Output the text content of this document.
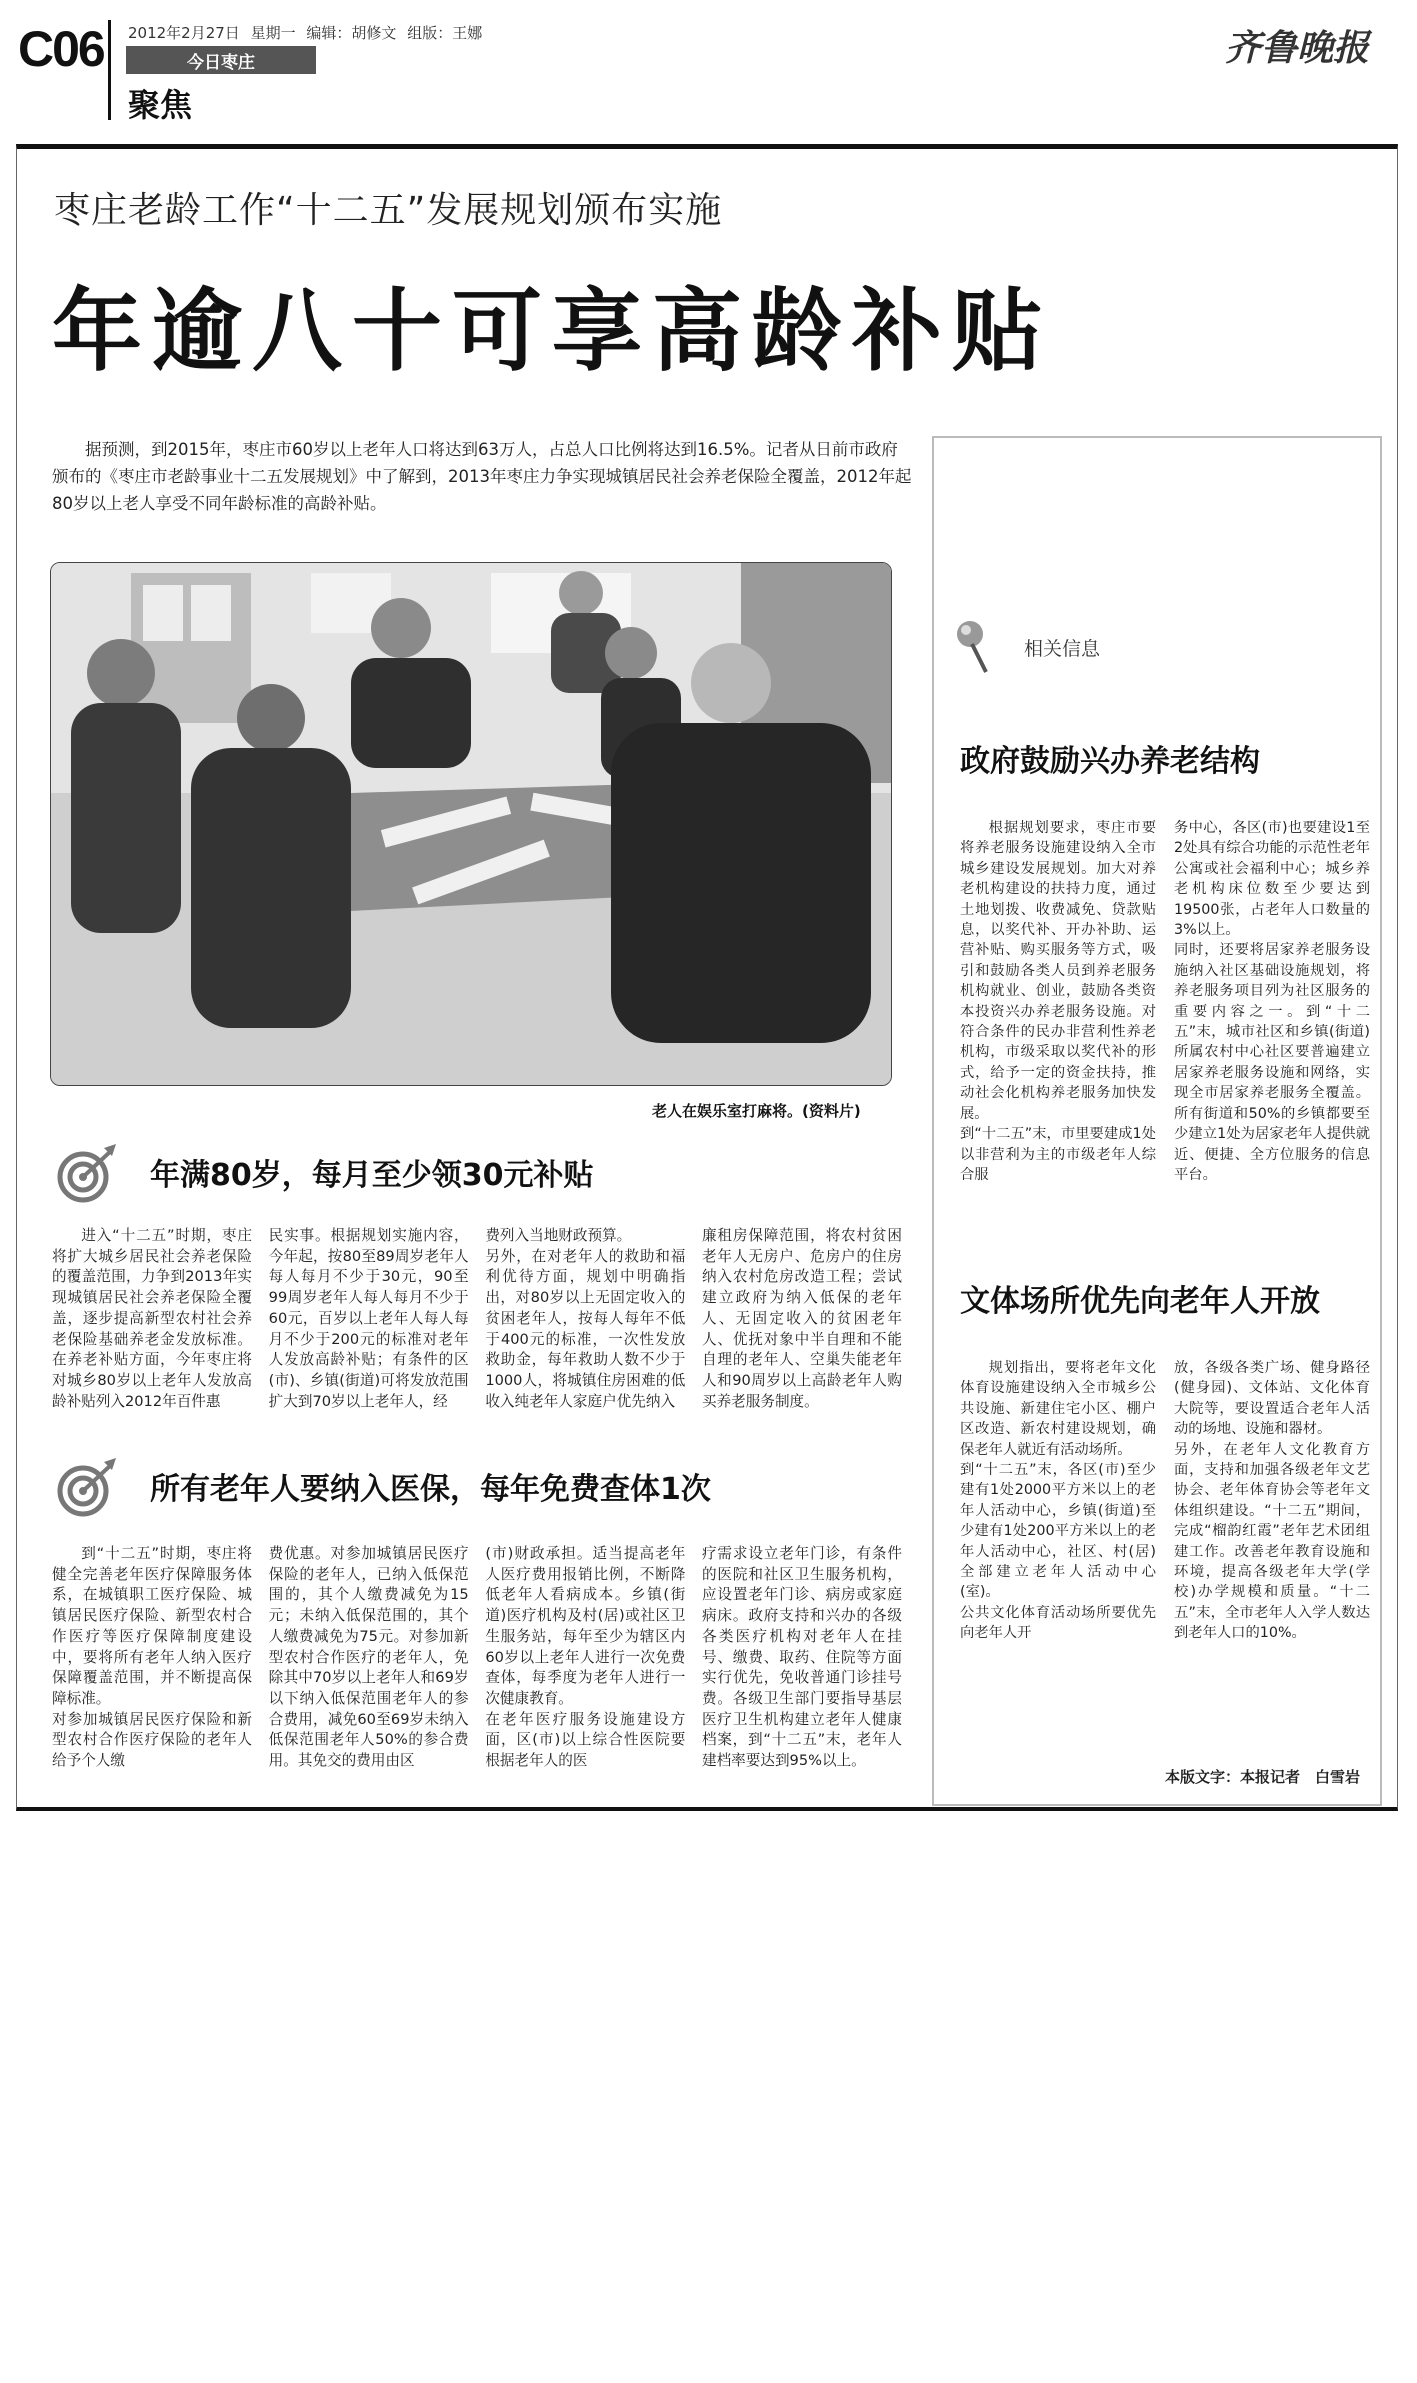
C06 2012年2月27日 星期一 编辑：胡修文 组版：王娜
今日枣庄
聚焦
齐鲁晚报
枣庄老龄工作“十二五”发展规划颁布实施
年逾八十可享高龄补贴
据预测，到2015年，枣庄市60岁以上老年人口将达到63万人，占总人口比例将达到16.5%。记者从日前市政府颁布的《枣庄市老龄事业十二五发展规划》中了解到，2013年枣庄力争实现城镇居民社会养老保险全覆盖，2012年起80岁以上老人享受不同年龄标准的高龄补贴。
老人在娱乐室打麻将。(资料片)
年满80岁，每月至少领30元补贴

进入“十二五”时期，枣庄将扩大城乡居民社会养老保险的覆盖范围，力争到2013年实现城镇居民社会养老保险全覆盖，逐步提高新型农村社会养老保险基础养老金发放标准。在养老补贴方面，今年枣庄将对城乡80岁以上老年人发放高龄补贴列入2012年百件惠

民实事。根据规划实施内容，今年起，按80至89周岁老年人每人每月不少于30元，90至99周岁老年人每人每月不少于60元，百岁以上老年人每人每月不少于200元的标准对老年人发放高龄补贴；有条件的区(市)、乡镇(街道)可将发放范围扩大到70岁以上老年人，经

费列入当地财政预算。
另外，在对老年人的救助和福利优待方面，规划中明确指出，对80岁以上无固定收入的贫困老年人，按每人每年不低于400元的标准，一次性发放救助金，每年救助人数不少于1000人，将城镇住房困难的低收入纯老年人家庭户优先纳入

廉租房保障范围，将农村贫困老年人无房户、危房户的住房纳入农村危房改造工程；尝试建立政府为纳入低保的老年人、无固定收入的贫困老年人、优抚对象中半自理和不能自理的老年人、空巢失能老年人和90周岁以上高龄老年人购买养老服务制度。

所有老年人要纳入医保，每年免费查体1次

到“十二五”时期，枣庄将健全完善老年医疗保障服务体系，在城镇职工医疗保险、城镇居民医疗保险、新型农村合作医疗等医疗保障制度建设中，要将所有老年人纳入医疗保障覆盖范围，并不断提高保障标准。
对参加城镇居民医疗保险和新型农村合作医疗保险的老年人给予个人缴

费优惠。对参加城镇居民医疗保险的老年人，已纳入低保范围的，其个人缴费减免为15元；未纳入低保范围的，其个人缴费减免为75元。对参加新型农村合作医疗的老年人，免除其中70岁以上老年人和69岁以下纳入低保范围老年人的参合费用，减免60至69岁未纳入低保范围老年人50%的参合费用。其免交的费用由区

(市)财政承担。适当提高老年人医疗费用报销比例，不断降低老年人看病成本。乡镇(街道)医疗机构及村(居)或社区卫生服务站，每年至少为辖区内60岁以上老年人进行一次免费查体，每季度为老年人进行一次健康教育。
在老年医疗服务设施建设方面，区(市)以上综合性医院要根据老年人的医

疗需求设立老年门诊，有条件的医院和社区卫生服务机构，应设置老年门诊、病房或家庭病床。政府支持和兴办的各级各类医疗机构对老年人在挂号、缴费、取药、住院等方面实行优先，免收普通门诊挂号费。各级卫生部门要指导基层医疗卫生机构建立老年人健康档案，到“十二五”末，老年人建档率要达到95%以上。

相关信息
政府鼓励兴办养老结构

根据规划要求，枣庄市要将养老服务设施建设纳入全市城乡建设发展规划。加大对养老机构建设的扶持力度，通过土地划拨、收费减免、贷款贴息，以奖代补、开办补助、运营补贴、购买服务等方式，吸引和鼓励各类人员到养老服务机构就业、创业，鼓励各类资本投资兴办养老服务设施。对符合条件的民办非营利性养老机构，市级采取以奖代补的形式，给予一定的资金扶持，推动社会化机构养老服务加快发展。
到“十二五”末，市里要建成1处以非营利为主的市级老年人综合服

务中心，各区(市)也要建设1至2处具有综合功能的示范性老年公寓或社会福利中心；城乡养老机构床位数至少要达到19500张，占老年人口数量的3%以上。
同时，还要将居家养老服务设施纳入社区基础设施规划，将养老服务项目列为社区服务的重要内容之一。到“十二五”末，城市社区和乡镇(街道)所属农村中心社区要普遍建立居家养老服务设施和网络，实现全市居家养老服务全覆盖。所有街道和50%的乡镇都要至少建立1处为居家老年人提供就近、便捷、全方位服务的信息平台。

文体场所优先向老年人开放

规划指出，要将老年文化体育设施建设纳入全市城乡公共设施、新建住宅小区、棚户区改造、新农村建设规划，确保老年人就近有活动场所。
到“十二五”末，各区(市)至少建有1处2000平方米以上的老年人活动中心，乡镇(街道)至少建有1处200平方米以上的老年人活动中心，社区、村(居)全部建立老年人活动中心(室)。
公共文化体育活动场所要优先向老年人开

放，各级各类广场、健身路径(健身园)、文体站、文化体育大院等，要设置适合老年人活动的场地、设施和器材。
另外，在老年人文化教育方面，支持和加强各级老年文艺协会、老年体育协会等老年文体组织建设。“十二五”期间，完成“榴韵红霞”老年艺术团组建工作。改善老年教育设施和环境，提高各级老年大学(学校)办学规模和质量。“十二五”末，全市老年人入学人数达到老年人口的10%。

本版文字：本报记者　白雪岩
